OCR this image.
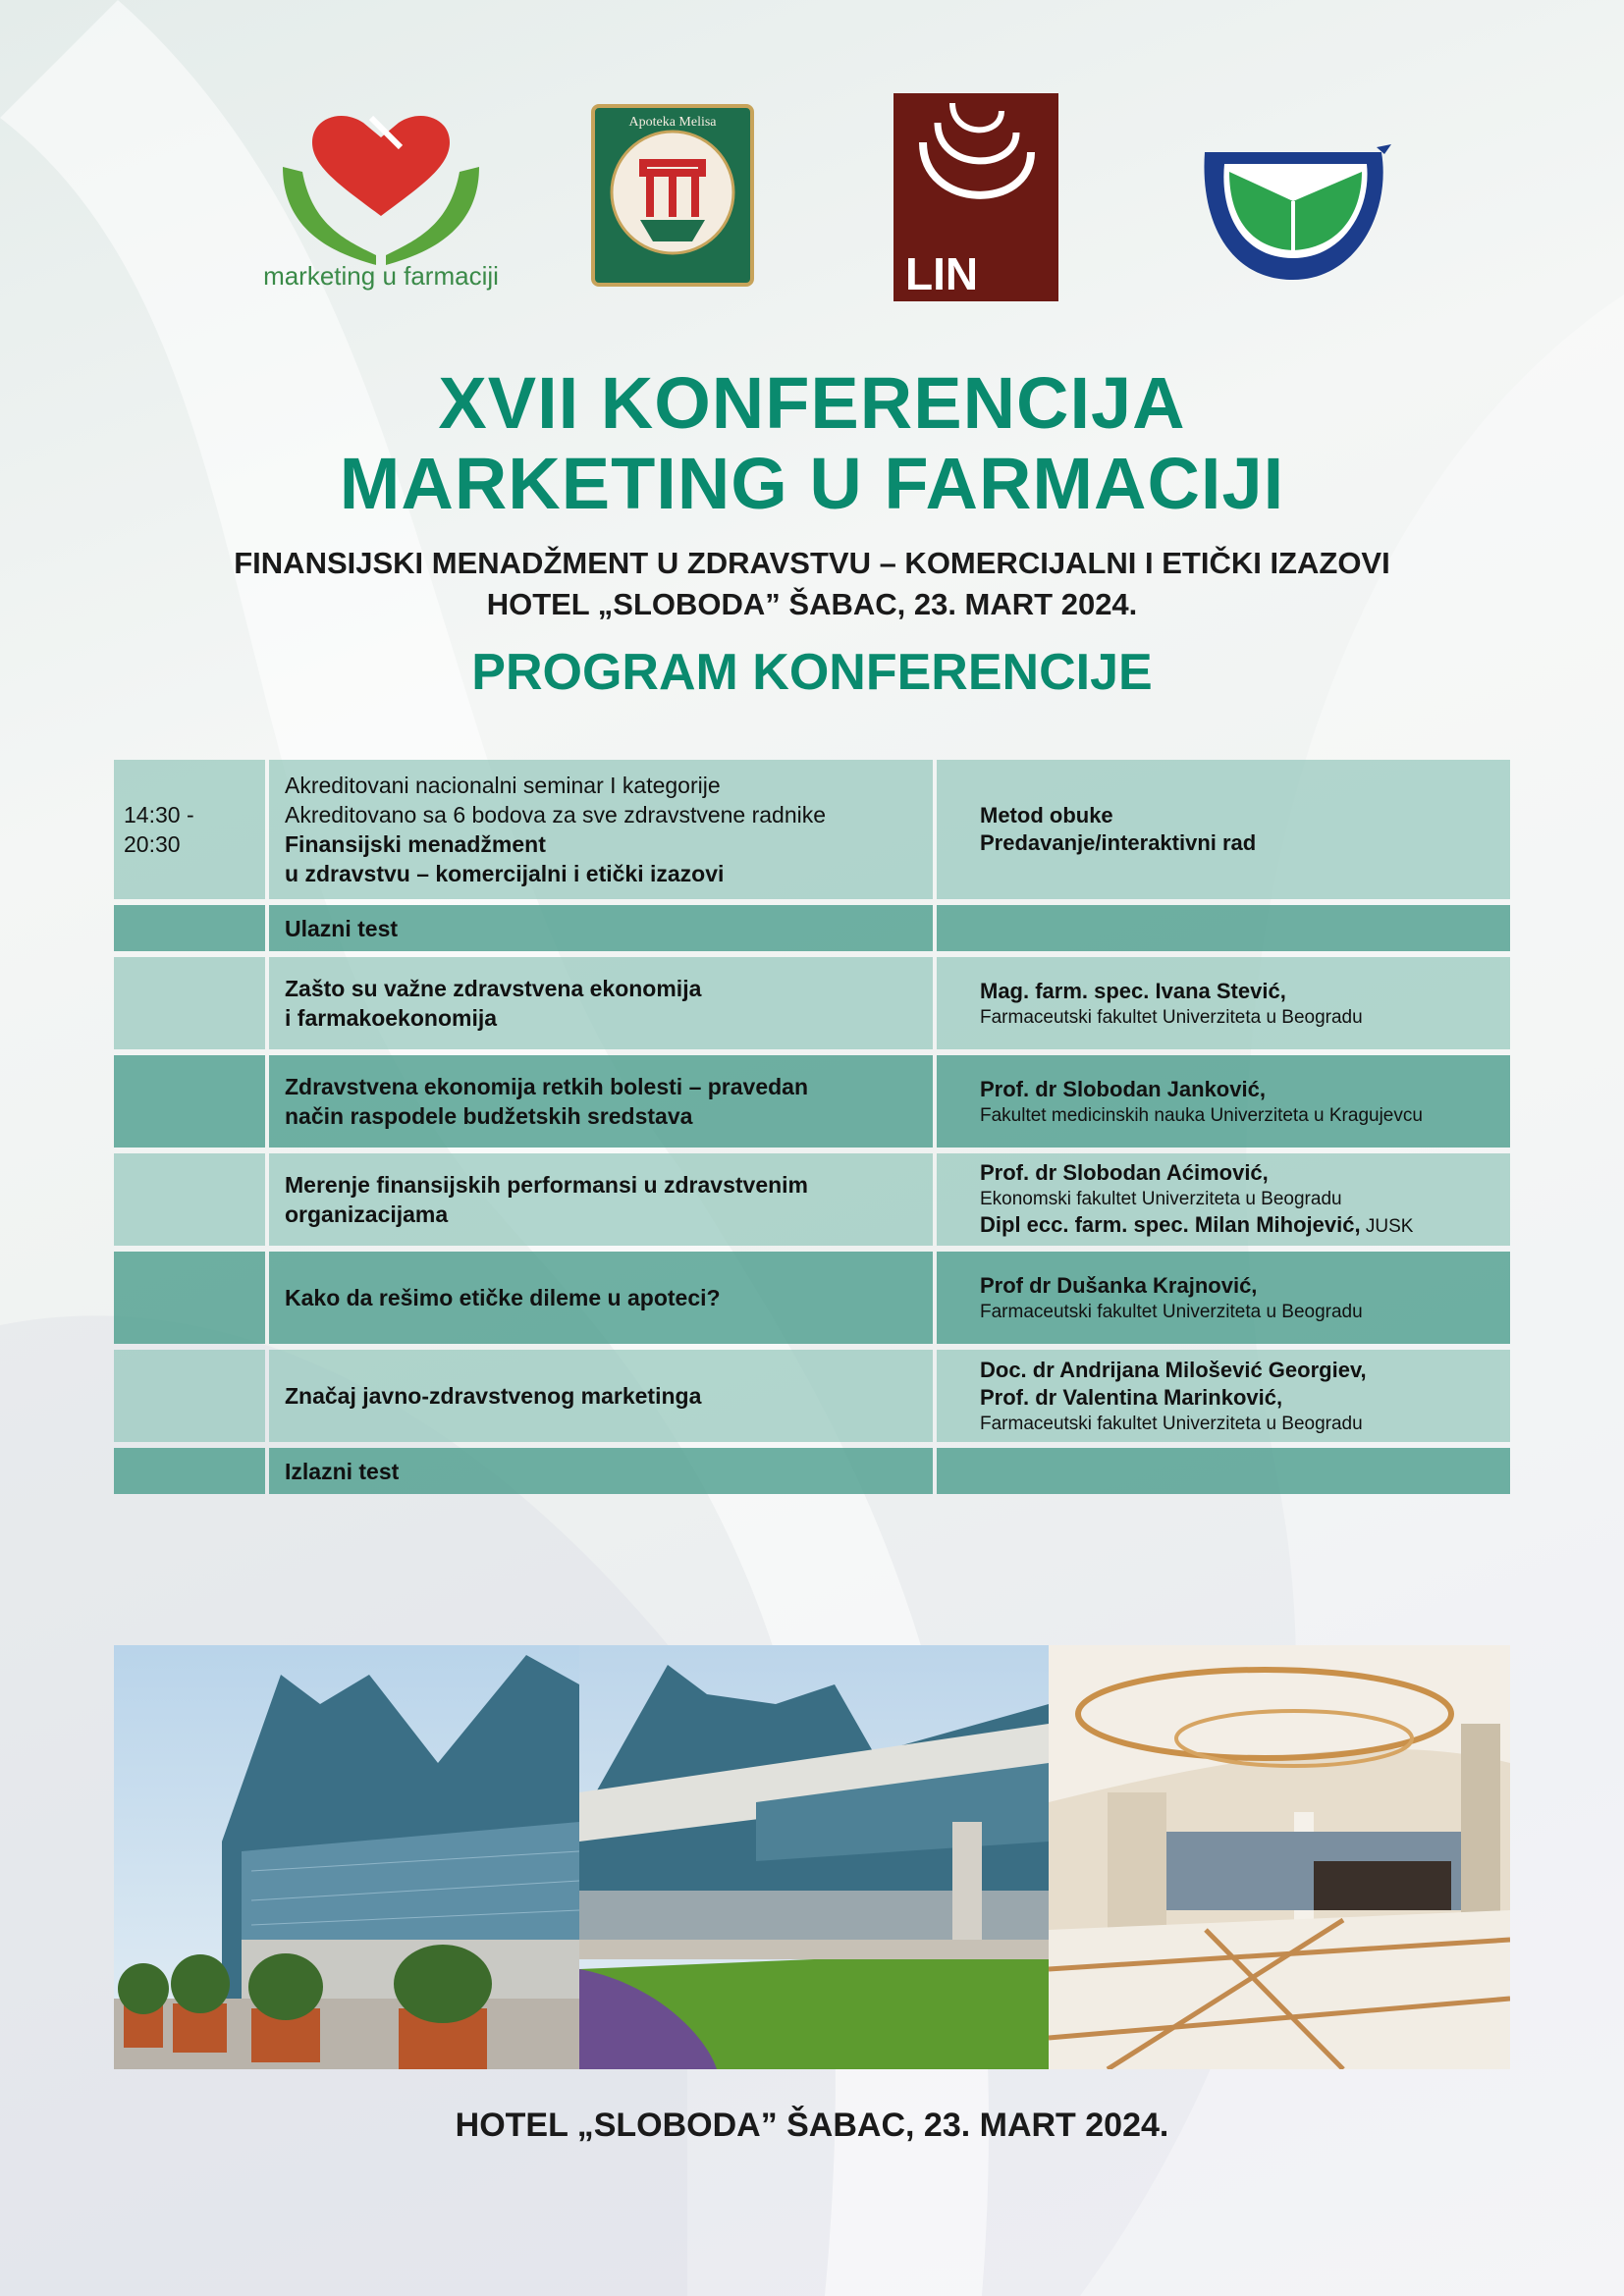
marketing u farmaciji
Apoteka Melisa
LIN
XVII KONFERENCIJA
MARKETING U FARMACIJI
FINANSIJSKI MENADŽMENT U ZDRAVSTVU – KOMERCIJALNI I ETIČKI IZAZOVI
HOTEL „SLOBODA” ŠABAC, 23. MART 2024.
PROGRAM KONFERENCIJE
14:30 - 20:30
Akreditovani nacionalni seminar I kategorije
Akreditovano sa 6 bodova za sve zdravstvene radnike
Finansijski menadžment
u zdravstvu – komercijalni i etički izazovi
Metod obuke
Predavanje/interaktivni rad
Ulazni test
Zašto su važne zdravstvena ekonomija
i farmakoekonomija
Mag. farm. spec. Ivana Stević,
Farmaceutski fakultet Univerziteta u Beogradu
Zdravstvena ekonomija retkih bolesti – pravedan
način raspodele budžetskih sredstava
Prof. dr Slobodan Janković,
Fakultet medicinskih nauka Univerziteta u Kragujevcu
Merenje finansijskih performansi u zdravstvenim
organizacijama
Prof. dr Slobodan Aćimović,
Ekonomski fakultet Univerziteta u Beogradu
Dipl ecc. farm. spec. Milan Mihojević, JUSK
Kako da rešimo etičke dileme u apoteci?	Prof dr Dušanka Krajnović,
Farmaceutski fakultet Univerziteta u Beogradu
Značaj javno-zdravstvenog marketinga
Doc. dr Andrijana Milošević Georgiev,
Prof. dr Valentina Marinković,
Farmaceutski fakultet Univerziteta u Beogradu
Izlazni test
HOTEL „SLOBODA” ŠABAC, 23. MART 2024.
